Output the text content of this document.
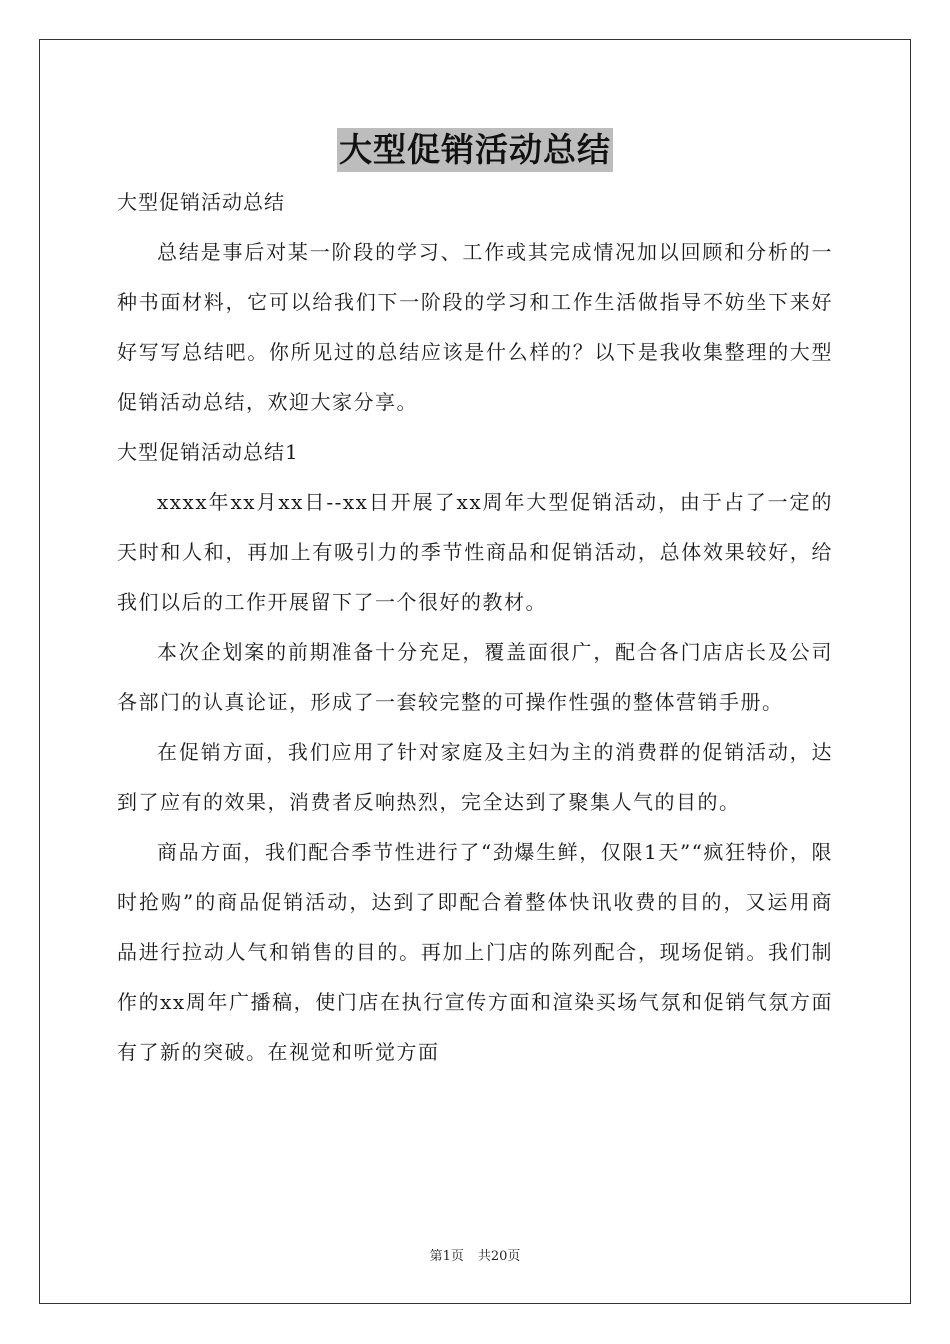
大型促销活动总结

大型促销活动总结

总结是事后对某一阶段的学习、工作或其完成情况加以回顾和分析的一种书面材料，它可以给我们下一阶段的学习和工作生活做指导不妨坐下来好好写写总结吧。你所见过的总结应该是什么样的？以下是我收集整理的大型促销活动总结，欢迎大家分享。

大型促销活动总结1

xxxx年xx月xx日--xx日开展了xx周年大型促销活动，由于占了一定的天时和人和，再加上有吸引力的季节性商品和促销活动，总体效果较好，给我们以后的工作开展留下了一个很好的教材。

本次企划案的前期准备十分充足，覆盖面很广，配合各门店店长及公司各部门的认真论证，形成了一套较完整的可操作性强的整体营销手册。

在促销方面，我们应用了针对家庭及主妇为主的消费群的促销活动，达到了应有的效果，消费者反响热烈，完全达到了聚集人气的目的。

商品方面，我们配合季节性进行了“劲爆生鲜，仅限1天”“疯狂特价，限时抢购”的商品促销活动，达到了即配合着整体快讯收费的目的，又运用商品进行拉动人气和销售的目的。再加上门店的陈列配合，现场促销。我们制作的xx周年广播稿，使门店在执行宣传方面和渲染买场气氛和促销气氛方面有了新的突破。在视觉和听觉方面

第1页 共20页
